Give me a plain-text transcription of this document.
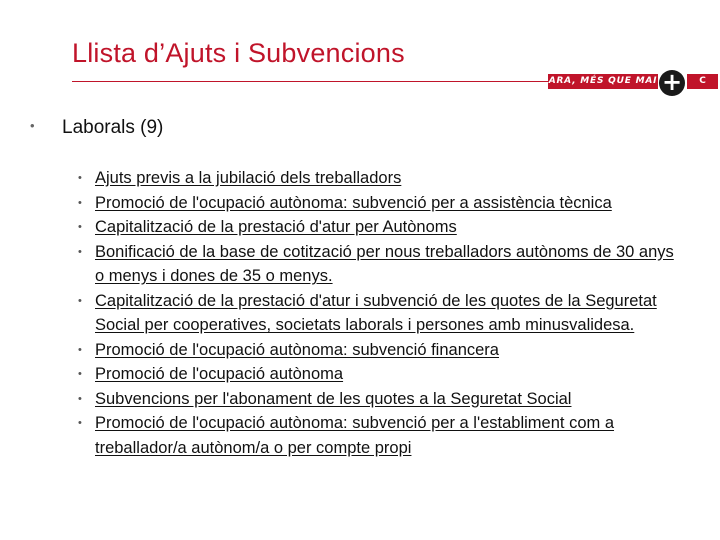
Llista d’Ajuts i Subvencions
ARA, MÉS QUE MAI +	C
• Laborals (9)
• Ajuts previs a la jubilació dels treballadors
• Promoció de l'ocupació autònoma: subvenció per a assistència tècnica
• Capitalització de la prestació d'atur per Autònoms
• Bonificació de la base de cotització per nous treballadors autònoms de 30 anys o menys i dones de 35 o menys.
• Capitalització de la prestació d'atur i subvenció de les quotes de la Seguretat Social per cooperatives, societats laborals i persones amb minusvalidesa.
• Promoció de l'ocupació autònoma: subvenció financera
• Promoció de l'ocupació autònoma
• Subvencions per l'abonament de les quotes a la Seguretat Social
• Promoció de l'ocupació autònoma: subvenció per a l'establiment com a treballador/a autònom/a o per compte propi
